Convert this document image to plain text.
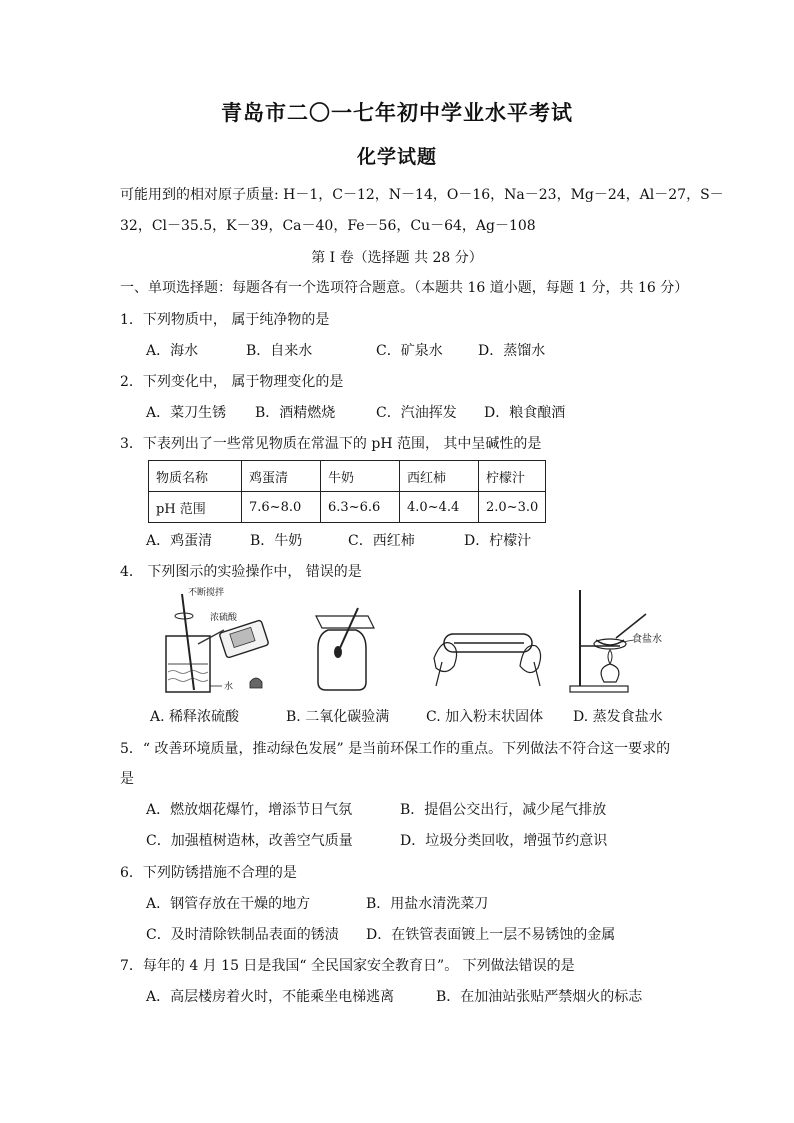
青岛市二〇一七年初中学业水平考试
化学试题
可能用到的相对原子质量: H－1，C－12，N－14，O－16，Na－23，Mg－24，Al－27，S－
32，Cl－35.5，K－39，Ca－40，Fe－56，Cu－64，Ag－108
第 I 卷（选择题 共 28 分）
一、单项选择题：每题各有一个选项符合题意。（本题共 16 道小题，每题 1 分，共 16 分）
1．下列物质中， 属于纯净物的是
A．海水	B．自来水	C．矿泉水	D．蒸馏水
2．下列变化中， 属于物理变化的是
A．菜刀生锈 B．酒精燃烧	C．汽油挥发 D．粮食酿酒
3．下表列出了一些常见物质在常温下的 pH 范围， 其中呈碱性的是
物质名称	鸡蛋清	牛奶	西红柿	柠檬汁
pH 范围	7.6~8.0	6.3~6.6	4.0~4.4	2.0~3.0
A．鸡蛋清	B．牛奶	C．西红柿	D．柠檬汁
4． 下列图示的实验操作中， 错误的是
不断搅拌
浓硫酸
水
食盐水
A. 稀释浓硫酸	B. 二氧化碳验满	C. 加入粉末状固体 D. 蒸发食盐水
5．“ 改善环境质量，推动绿色发展” 是当前环保工作的重点。下列做法不符合这一要求的
是
A．燃放烟花爆竹，增添节日气氛	B．提倡公交出行，减少尾气排放
C．加强植树造林，改善空气质量	D．垃圾分类回收，增强节约意识
6．下列防锈措施不合理的是
A．钢管存放在干燥的地方	B．用盐水清洗菜刀
C．及时清除铁制品表面的锈渍 D．在铁管表面镀上一层不易锈蚀的金属
7．每年的 4 月 15 日是我国“ 全民国家安全教育日”。 下列做法错误的是
A．高层楼房着火时，不能乘坐电梯逃离	B．在加油站张贴严禁烟火的标志
